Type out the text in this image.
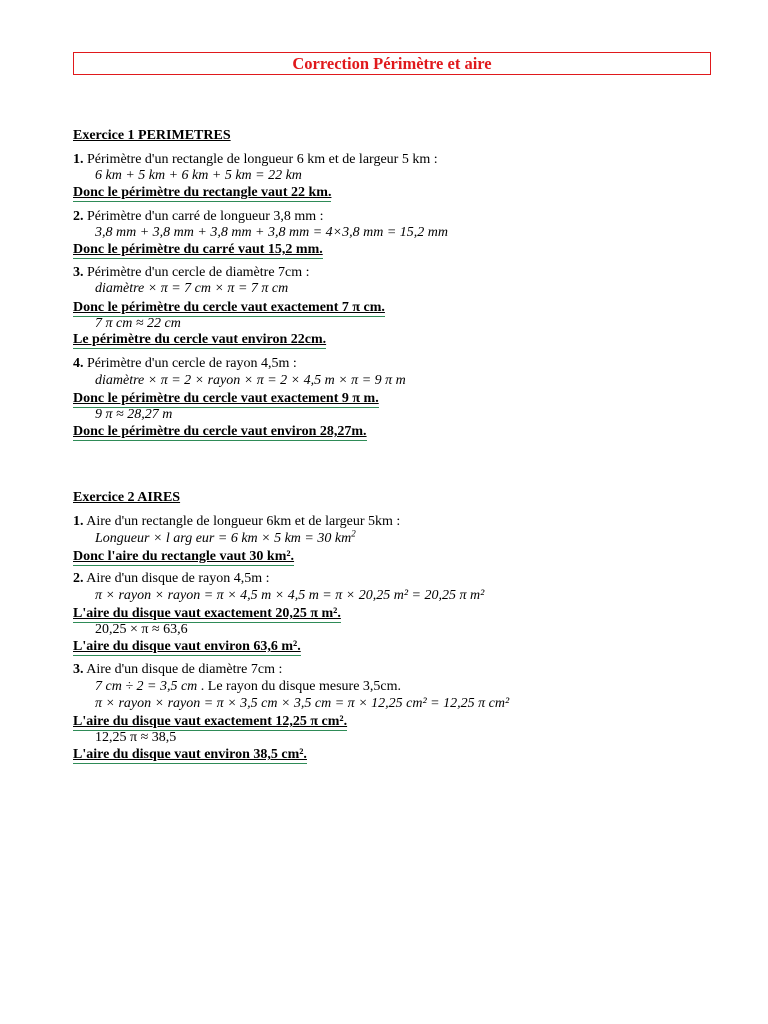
Correction Périmètre et aire
Exercice 1 PERIMETRES
1. Périmètre d'un rectangle de longueur 6 km et de largeur 5 km :
6 km + 5 km + 6 km + 5 km = 22 km
Donc le périmètre du rectangle vaut 22 km.
2. Périmètre d'un carré de longueur 3,8 mm :
3,8 mm + 3,8 mm + 3,8 mm + 3,8 mm = 4×3,8 mm = 15,2 mm
Donc le périmètre du carré vaut 15,2 mm.
3. Périmètre d'un cercle de diamètre 7cm :
diamètre × π = 7 cm × π = 7 π cm
Donc le périmètre du cercle vaut exactement 7 π cm.
7 π cm ≈ 22 cm
Le périmètre du cercle vaut environ 22cm.
4. Périmètre d'un cercle de rayon 4,5m :
diamètre × π = 2 × rayon × π = 2 × 4,5 m × π = 9 π m
Donc le périmètre du cercle vaut exactement 9 π m.
9 π ≈ 28,27 m
Donc le périmètre du cercle vaut environ 28,27m.
Exercice 2 AIRES
1. Aire d'un rectangle de longueur 6km et de largeur 5km :
Longueur × l arg eur = 6 km × 5 km = 30 $km^2$
Donc l'aire du rectangle vaut 30 km².
2. Aire d'un disque de rayon 4,5m :
π × rayon × rayon = π × 4,5 m × 4,5 m = π × 20,25 m² = 20,25 π m²
L'aire du disque vaut exactement 20,25 π m².
20,25 × π ≈ 63,6
L'aire du disque vaut environ 63,6 m².
3. Aire d'un disque de diamètre 7cm :
7 cm ÷ 2 = 3,5 cm . Le rayon du disque mesure 3,5cm.
π × rayon × rayon = π × 3,5 cm × 3,5 cm = π × 12,25 cm² = 12,25 π cm²
L'aire du disque vaut exactement 12,25 π cm².
12,25 π ≈ 38,5
L'aire du disque vaut environ 38,5 cm².
